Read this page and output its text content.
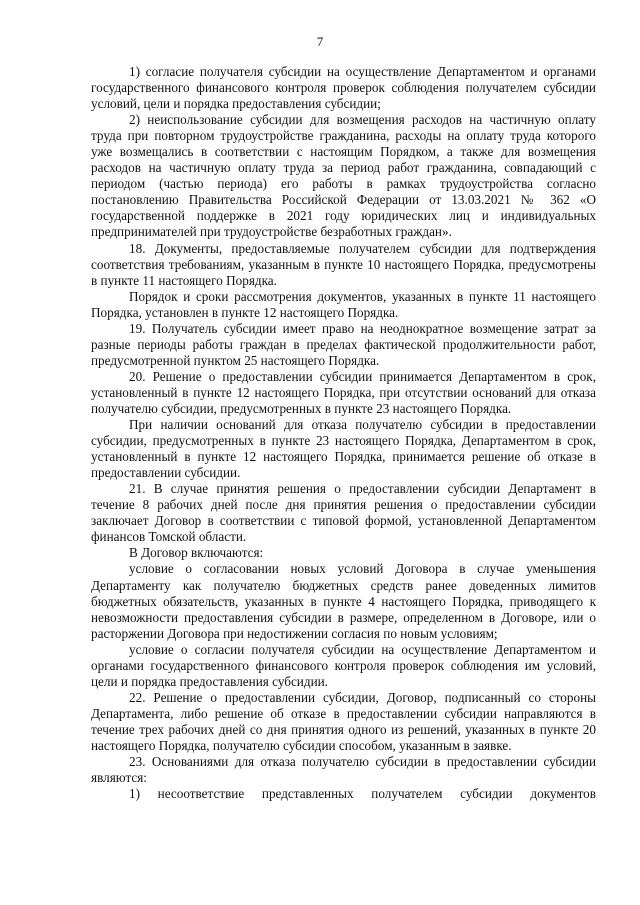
7

1) согласие получателя субсидии на осуществление Департаментом и органами государственного финансового контроля проверок соблюдения получателем субсидии условий, цели и порядка предоставления субсидии;

2) неиспользование субсидии для возмещения расходов на частичную оплату труда при повторном трудоустройстве гражданина, расходы на оплату труда которого уже возмещались в соответствии с настоящим Порядком, а также для возмещения расходов на частичную оплату труда за период работ гражданина, совпадающий с периодом (частью периода) его работы в рамках трудоустройства согласно постановлению Правительства Российской Федерации от 13.03.2021 № 362 «О государственной поддержке в 2021 году юридических лиц и индивидуальных предпринимателей при трудоустройстве безработных граждан».

18. Документы, предоставляемые получателем субсидии для подтверждения соответствия требованиям, указанным в пункте 10 настоящего Порядка, предусмотрены в пункте 11 настоящего Порядка.

Порядок и сроки рассмотрения документов, указанных в пункте 11 настоящего Порядка, установлен в пункте 12 настоящего Порядка.

19. Получатель субсидии имеет право на неоднократное возмещение затрат за разные периоды работы граждан в пределах фактической продолжительности работ, предусмотренной пунктом 25 настоящего Порядка.

20. Решение о предоставлении субсидии принимается Департаментом в срок, установленный в пункте 12 настоящего Порядка, при отсутствии оснований для отказа получателю субсидии, предусмотренных в пункте 23 настоящего Порядка.

При наличии оснований для отказа получателю субсидии в предоставлении субсидии, предусмотренных в пункте 23 настоящего Порядка, Департаментом в срок, установленный в пункте 12 настоящего Порядка, принимается решение об отказе в предоставлении субсидии.

21. В случае принятия решения о предоставлении субсидии Департамент в течение 8 рабочих дней после дня принятия решения о предоставлении субсидии заключает Договор в соответствии с типовой формой, установленной Департаментом финансов Томской области.

В Договор включаются:

условие о согласовании новых условий Договора в случае уменьшения Департаменту как получателю бюджетных средств ранее доведенных лимитов бюджетных обязательств, указанных в пункте 4 настоящего Порядка, приводящего к невозможности предоставления субсидии в размере, определенном в Договоре, или о расторжении Договора при недостижении согласия по новым условиям;

условие о согласии получателя субсидии на осуществление Департаментом и органами государственного финансового контроля проверок соблюдения им условий, цели и порядка предоставления субсидии.

22. Решение о предоставлении субсидии, Договор, подписанный со стороны Департамента, либо решение об отказе в предоставлении субсидии направляются в течение трех рабочих дней со дня принятия одного из решений, указанных в пункте 20 настоящего Порядка, получателю субсидии способом, указанным в заявке.

23. Основаниями для отказа получателю субсидии в предоставлении субсидии являются:

1) несоответствие представленных получателем субсидии документов
